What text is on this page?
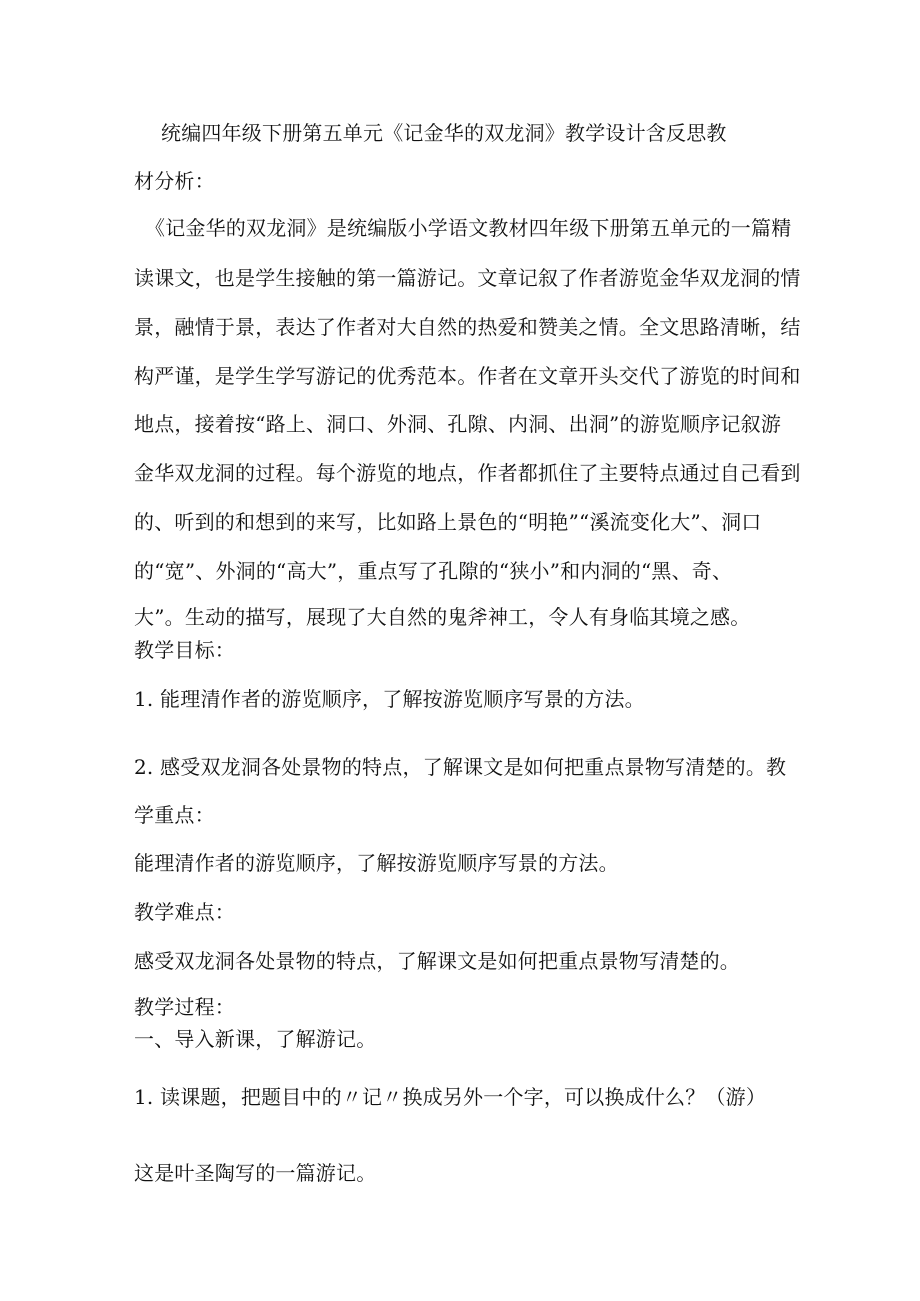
统编四年级下册第五单元《记金华的双龙洞》教学设计含反思教
材分析：
《记金华的双龙洞》是统编版小学语文教材四年级下册第五单元的一篇精
读课文，也是学生接触的第一篇游记。文章记叙了作者游览金华双龙洞的情
景，融情于景，表达了作者对大自然的热爱和赞美之情。全文思路清晰，结
构严谨，是学生学写游记的优秀范本。作者在文章开头交代了游览的时间和
地点，接着按“路上、洞口、外洞、孔隙、内洞、出洞”的游览顺序记叙游
金华双龙洞的过程。每个游览的地点，作者都抓住了主要特点通过自己看到
的、听到的和想到的来写，比如路上景色的“明艳”“溪流变化大”、洞口
的“宽”、外洞的“高大”，重点写了孔隙的“狭小”和内洞的“黑、奇、
大”。生动的描写，展现了大自然的鬼斧神工，令人有身临其境之感。
教学目标：
1. 能理清作者的游览顺序，了解按游览顺序写景的方法。
2. 感受双龙洞各处景物的特点，了解课文是如何把重点景物写清楚的。教
学重点：
能理清作者的游览顺序，了解按游览顺序写景的方法。
教学难点：
感受双龙洞各处景物的特点，了解课文是如何把重点景物写清楚的。
教学过程：
一、导入新课，了解游记。
1. 读课题，把题目中的〃记〃换成另外一个字，可以换成什么？（游）
这是叶圣陶写的一篇游记。
